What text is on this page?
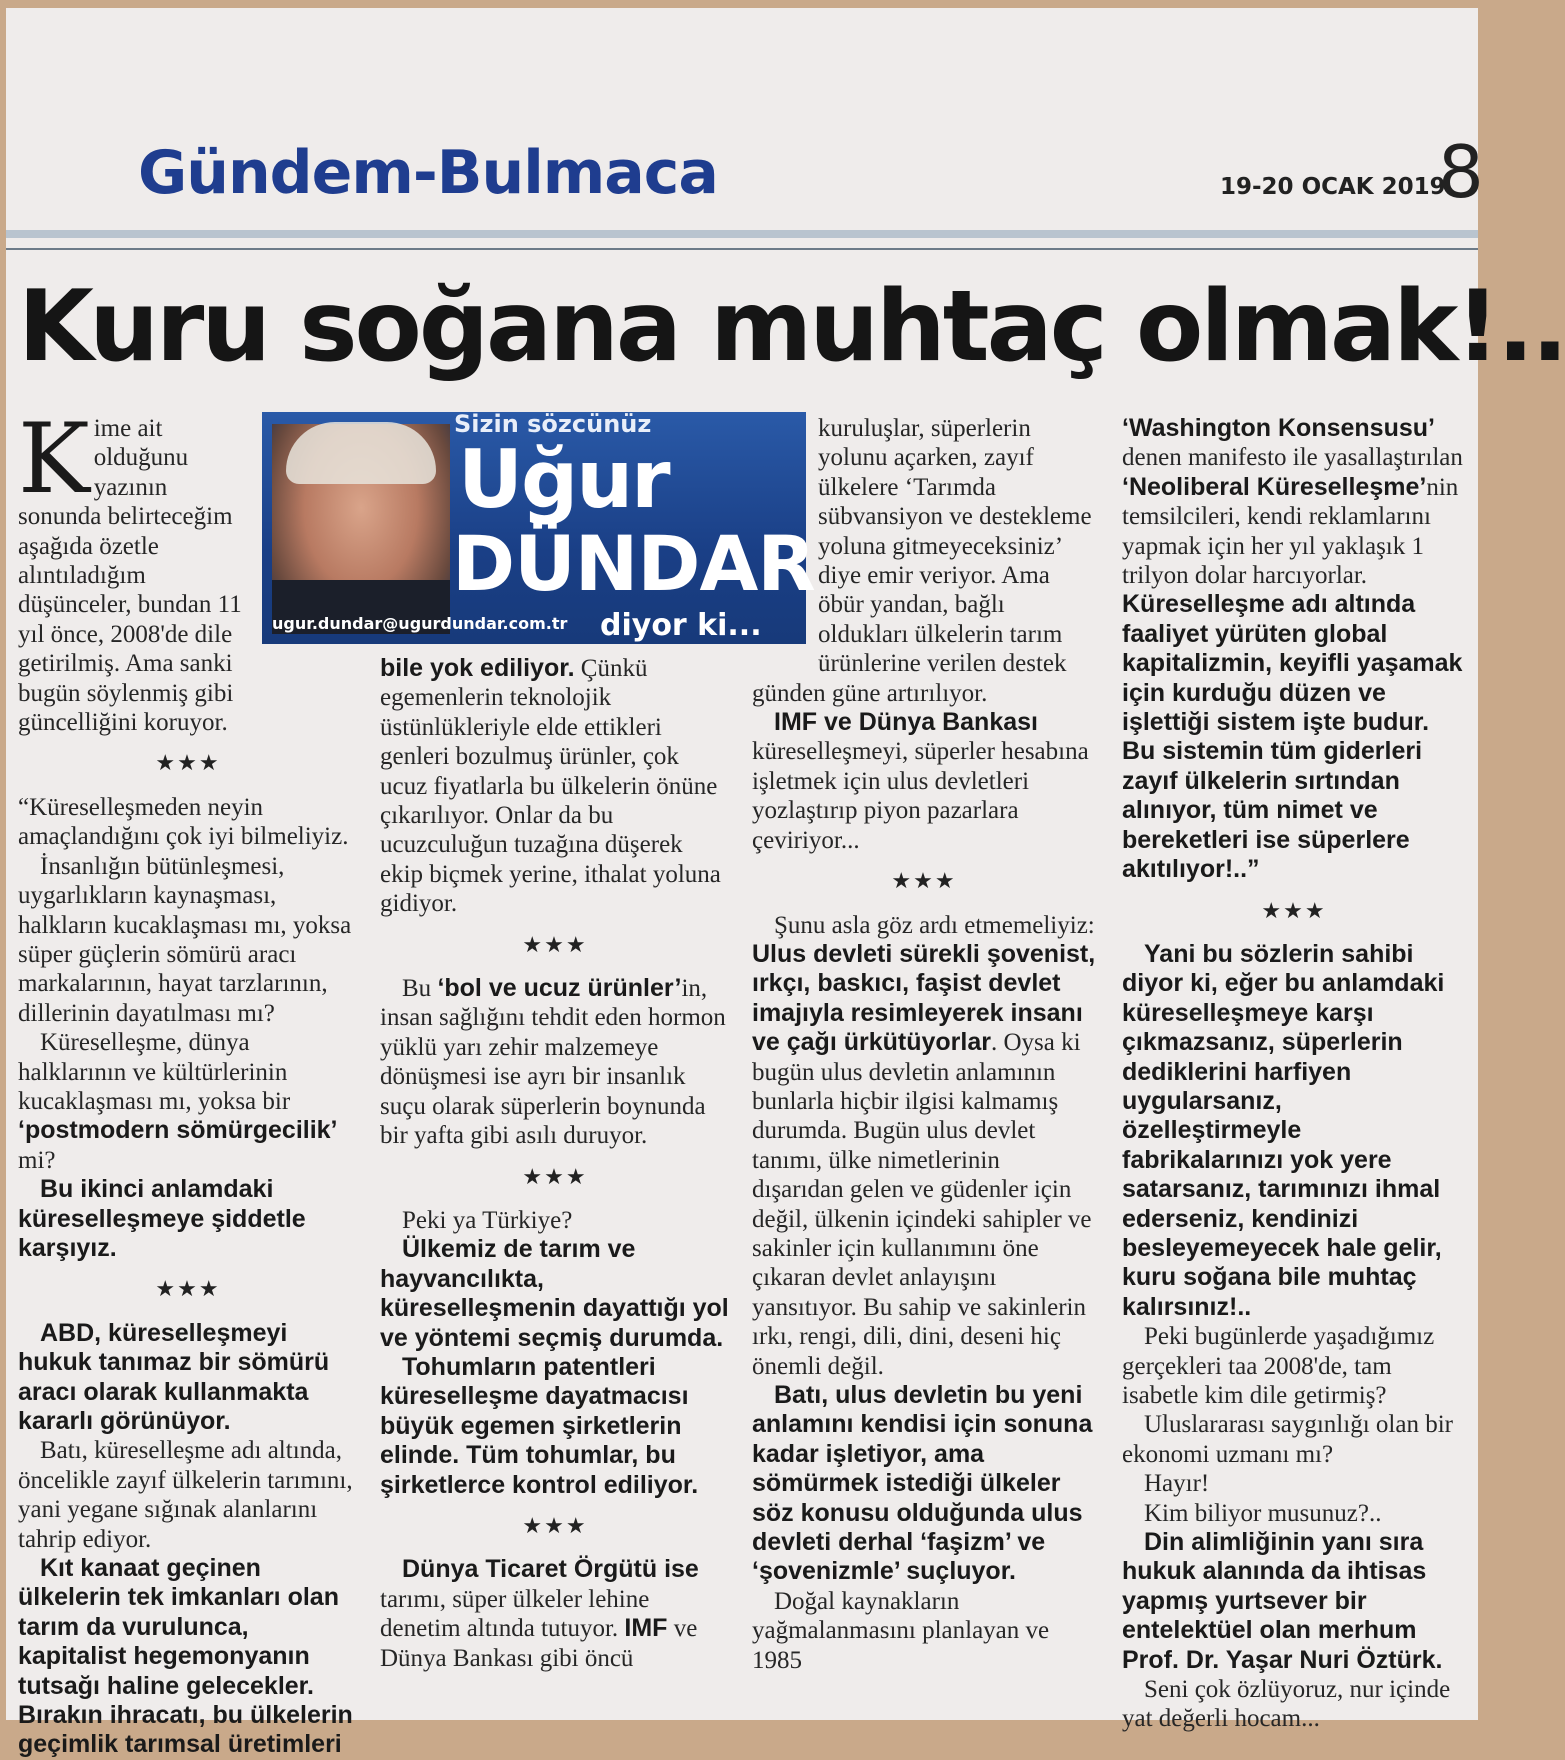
Gündem-Bulmaca	19-20 OCAK 2019
8
Kuru soğana muhtaç olmak!..
Sizin sözcünüz
Uğur
DÜNDAR
ugur.dundar@ugurdundar.com.tr diyor ki...

Kime ait olduğunu yazının sonunda belirteceğim aşağıda özetle alıntıladığım düşünceler, bundan 11 yıl önce, 2008'de dile getirilmiş. Ama sanki bugün söylenmiş gibi güncelliğini koruyor.

★★★

“Küreselleşmeden neyin amaçlandığını çok iyi bilmeliyiz.

İnsanlığın bütünleşmesi, uygarlıkların kaynaşması, halkların kucaklaşması mı, yoksa süper güçlerin sömürü aracı markalarının, hayat tarzlarının, dillerinin dayatılması mı?

Küreselleşme, dünya halklarının ve kültürlerinin kucaklaşması mı, yoksa bir ‘postmodern sömürgecilik’ mi?

Bu ikinci anlamdaki küreselleşmeye şiddetle karşıyız.

★★★

ABD, küreselleşmeyi hukuk tanımaz bir sömürü aracı olarak kullanmakta kararlı görünüyor.

Batı, küreselleşme adı altında, öncelikle zayıf ülkelerin tarımını, yani yegane sığınak alanlarını tahrip ediyor.

Kıt kanaat geçinen ülkelerin tek imkanları olan tarım da vurulunca, kapitalist hegemonyanın tutsağı haline gelecekler. Bırakın ihracatı, bu ülkelerin geçimlik tarımsal üretimleri

bile yok ediliyor. Çünkü egemenlerin teknolojik üstünlükleriyle elde ettikleri genleri bozulmuş ürünler, çok ucuz fiyatlarla bu ülkelerin önüne çıkarılıyor. Onlar da bu ucuzculuğun tuzağına düşerek ekip biçmek yerine, ithalat yoluna gidiyor.

★★★

Bu ‘bol ve ucuz ürünler’in, insan sağlığını tehdit eden hormon yüklü yarı zehir malzemeye dönüşmesi ise ayrı bir insanlık suçu olarak süperlerin boynunda bir yafta gibi asılı duruyor.

★★★

Peki ya Türkiye?

Ülkemiz de tarım ve hayvancılıkta, küreselleşmenin dayattığı yol ve yöntemi seçmiş durumda.

Tohumların patentleri küreselleşme dayatmacısı büyük egemen şirketlerin elinde. Tüm tohumlar, bu şirketlerce kontrol ediliyor.

★★★

Dünya Ticaret Örgütü ise tarımı, süper ülkeler lehine denetim altında tutuyor. IMF ve Dünya Bankası gibi öncü

kuruluşlar, süperlerin yolunu açarken, zayıf ülkelere ‘Tarımda sübvansiyon ve destekleme yoluna gitmeyeceksiniz’ diye emir veriyor. Ama öbür yandan, bağlı oldukları ülkelerin tarım ürünlerine verilen destek

günden güne artırılıyor.

IMF ve Dünya Bankası küreselleşmeyi, süperler hesabına işletmek için ulus devletleri yozlaştırıp piyon pazarlara çeviriyor...

★★★

Şunu asla göz ardı etmemeliyiz: Ulus devleti sürekli şovenist, ırkçı, baskıcı, faşist devlet imajıyla resimleyerek insanı ve çağı ürkütüyorlar. Oysa ki bugün ulus devletin anlamının bunlarla hiçbir ilgisi kalmamış durumda. Bugün ulus devlet tanımı, ülke nimetlerinin dışarıdan gelen ve güdenler için değil, ülkenin içindeki sahipler ve sakinler için kullanımını öne çıkaran devlet anlayışını yansıtıyor. Bu sahip ve sakinlerin ırkı, rengi, dili, dini, deseni hiç önemli değil.

Batı, ulus devletin bu yeni anlamını kendisi için sonuna kadar işletiyor, ama sömürmek istediği ülkeler söz konusu olduğunda ulus devleti derhal ‘faşizm’ ve ‘şovenizmle’ suçluyor.

Doğal kaynakların yağmalanmasını planlayan ve 1985

‘Washington Konsensusu’ denen manifesto ile yasallaştırılan ‘Neoliberal Küreselleşme’nin temsilcileri, kendi reklamlarını yapmak için her yıl yaklaşık 1 trilyon dolar harcıyorlar. Küreselleşme adı altında faaliyet yürüten global kapitalizmin, keyifli yaşamak için kurduğu düzen ve işlettiği sistem işte budur. Bu sistemin tüm giderleri zayıf ülkelerin sırtından alınıyor, tüm nimet ve bereketleri ise süperlere akıtılıyor!..”

★★★

Yani bu sözlerin sahibi diyor ki, eğer bu anlamdaki küreselleşmeye karşı çıkmazsanız, süperlerin dediklerini harfiyen uygularsanız, özelleştirmeyle fabrikalarınızı yok yere satarsanız, tarımınızı ihmal ederseniz, kendinizi besleyemeyecek hale gelir, kuru soğana bile muhtaç kalırsınız!..

Peki bugünlerde yaşadığımız gerçekleri taa 2008'de, tam isabetle kim dile getirmiş?

Uluslararası saygınlığı olan bir ekonomi uzmanı mı?

Hayır!

Kim biliyor musunuz?..

Din alimliğinin yanı sıra hukuk alanında da ihtisas yapmış yurtsever bir entelektüel olan merhum Prof. Dr. Yaşar Nuri Öztürk.

Seni çok özlüyoruz, nur içinde yat değerli hocam...
